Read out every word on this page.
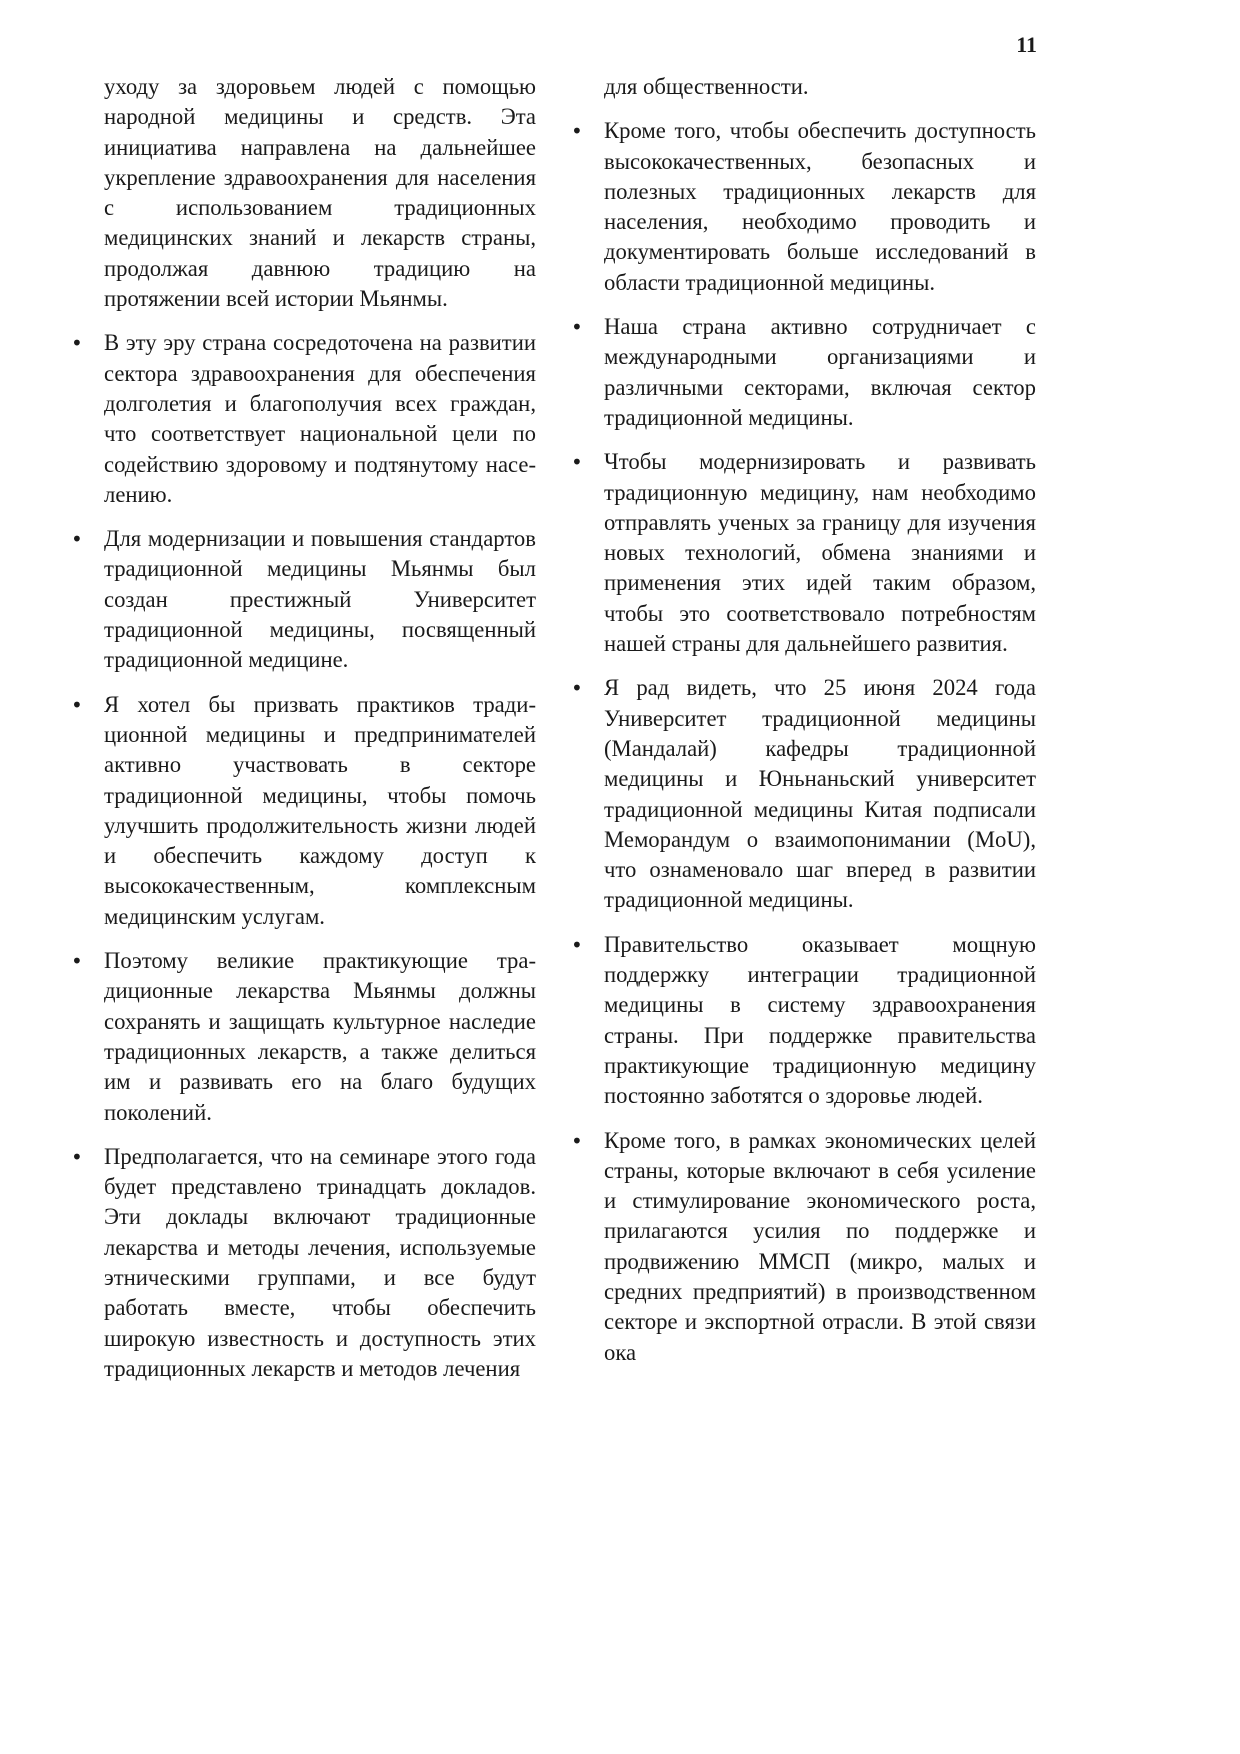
11

уходу за здоровьем людей с помощью народной медицины и средств. Эта инициатива направлена на дальнейшее укрепление здравоохранения для населения с использованием традиционных медицинских знаний и лекарств страны, продолжая давнюю традицию на протяжении всей истории Мьянмы.

• В эту эру страна сосредоточена на развитии сектора здравоохранения для обеспечения долголетия и благополучия всех граждан, что соответствует национальной цели по содействию здоровому и подтянутому населению.

• Для модернизации и повышения стандартов традиционной медицины Мьянмы был создан престижный Университет традиционной медицины, посвященный традиционной медицине.

• Я хотел бы призвать практиков традиционной медицины и предпринимателей активно участвовать в секторе традиционной медицины, чтобы помочь улучшить продолжительность жизни людей и обеспечить каждому доступ к высококачественным, комплексным медицинским услугам.

• Поэтому великие практикующие традиционные лекарства Мьянмы должны сохранять и защищать культурное наследие традиционных лекарств, а также делиться им и развивать его на благо будущих поколений.

• Предполагается, что на семинаре этого года будет представлено тринадцать докладов. Эти доклады включают традиционные лекарства и методы лечения, используемые этническими группами, и все будут работать вместе, чтобы обеспечить широкую известность и доступность этих традиционных лекарств и методов лечения

для общественности.

• Кроме того, чтобы обеспечить доступность высококачественных, безопасных и полезных традиционных лекарств для населения, необходимо проводить и документировать больше исследований в области традиционной медицины.

• Наша страна активно сотрудничает с международными организациями и различными секторами, включая сектор традиционной медицины.

• Чтобы модернизировать и развивать традиционную медицину, нам необходимо отправлять ученых за границу для изучения новых технологий, обмена знаниями и применения этих идей таким образом, чтобы это соответствовало потребностям нашей страны для дальнейшего развития.

• Я рад видеть, что 25 июня 2024 года Университет традиционной медицины (Мандалай) кафедры традиционной медицины и Юньнаньский университет традиционной медицины Китая подписали Меморандум о взаимопонимании (MoU), что ознаменовало шаг вперед в развитии традиционной медицины.

• Правительство оказывает мощную поддержку интеграции традиционной медицины в систему здравоохранения страны. При поддержке правительства практикующие традиционную медицину постоянно заботятся о здоровье людей.

• Кроме того, в рамках экономических целей страны, которые включают в себя усиление и стимулирование экономического роста, прилагаются усилия по поддержке и продвижению ММСП (микро, малых и средних предприятий) в производственном секторе и экспортной отрасли. В этой связи ока
